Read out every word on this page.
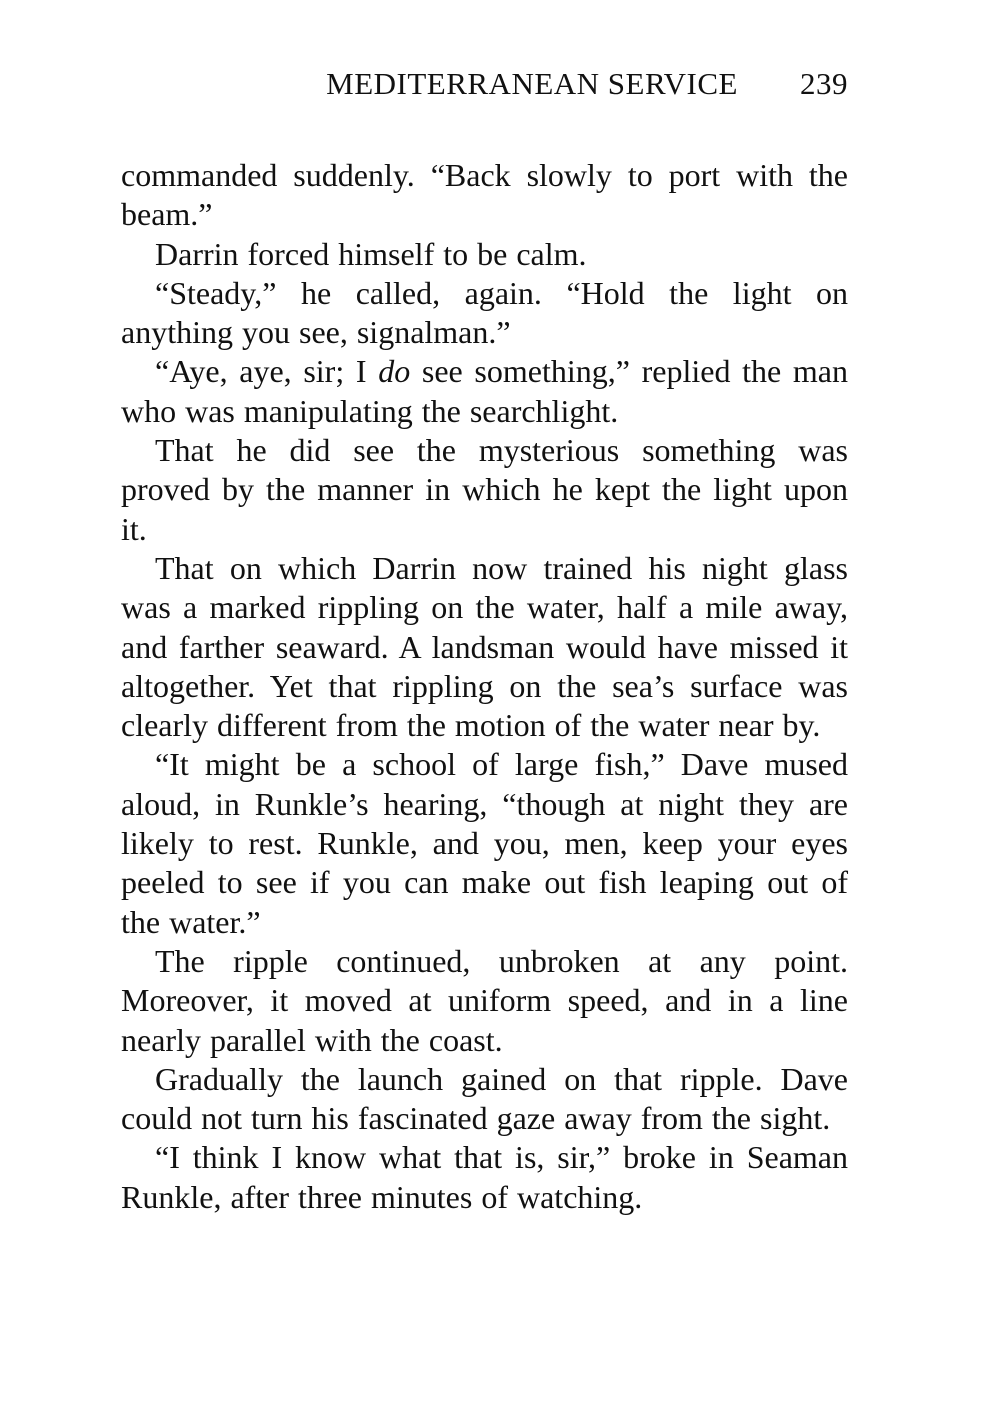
MEDITERRANEAN SERVICE 239

commanded suddenly. “Back slowly to port with the beam.”

Darrin forced himself to be calm.

“Steady,” he called, again. “Hold the light on anything you see, signalman.”

“Aye, aye, sir; I do see something,” replied the man who was manipulating the searchlight.

That he did see the mysterious something was proved by the manner in which he kept the light upon it.

That on which Darrin now trained his night glass was a marked rippling on the water, half a mile away, and farther seaward. A landsman would have missed it altogether. Yet that rippling on the sea’s surface was clearly different from the motion of the water near by.

“It might be a school of large fish,” Dave mused aloud, in Runkle’s hearing, “though at night they are likely to rest. Runkle, and you, men, keep your eyes peeled to see if you can make out fish leaping out of the water.”

The ripple continued, unbroken at any point. Moreover, it moved at uniform speed, and in a line nearly parallel with the coast.

Gradually the launch gained on that ripple. Dave could not turn his fascinated gaze away from the sight.

“I think I know what that is, sir,” broke in Seaman Runkle, after three minutes of watching.
